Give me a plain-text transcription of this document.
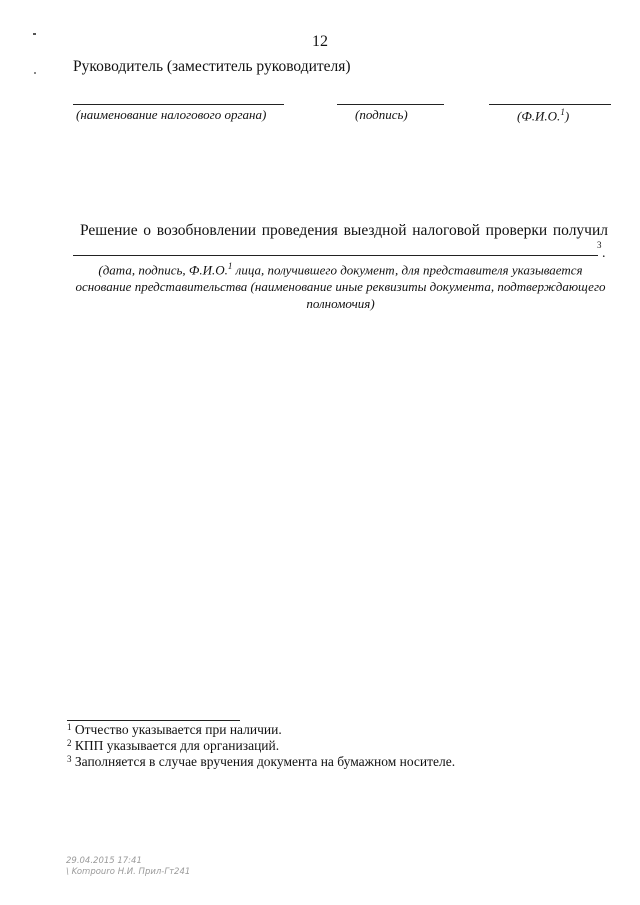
12
Руководитель (заместитель руководителя)
(наименование налогового органа)	(подпись)	(Ф.И.О.$^1$)
Решение о возобновлении проведения выездной налоговой проверки получил
3
.
(дата, подпись, Ф.И.О.$^1$ лица, получившего документ, для представителя указывается основание представительства (наименование иные реквизиты документа, подтверждающего полномочия)
$^1$ Отчество указывается при наличии.
$^2$ КПП указывается для организаций.
$^3$ Заполняется в случае вручения документа на бумажном носителе.
29.04.2015 17:41
\ Kompouro Н.И. Прил-Гт241
